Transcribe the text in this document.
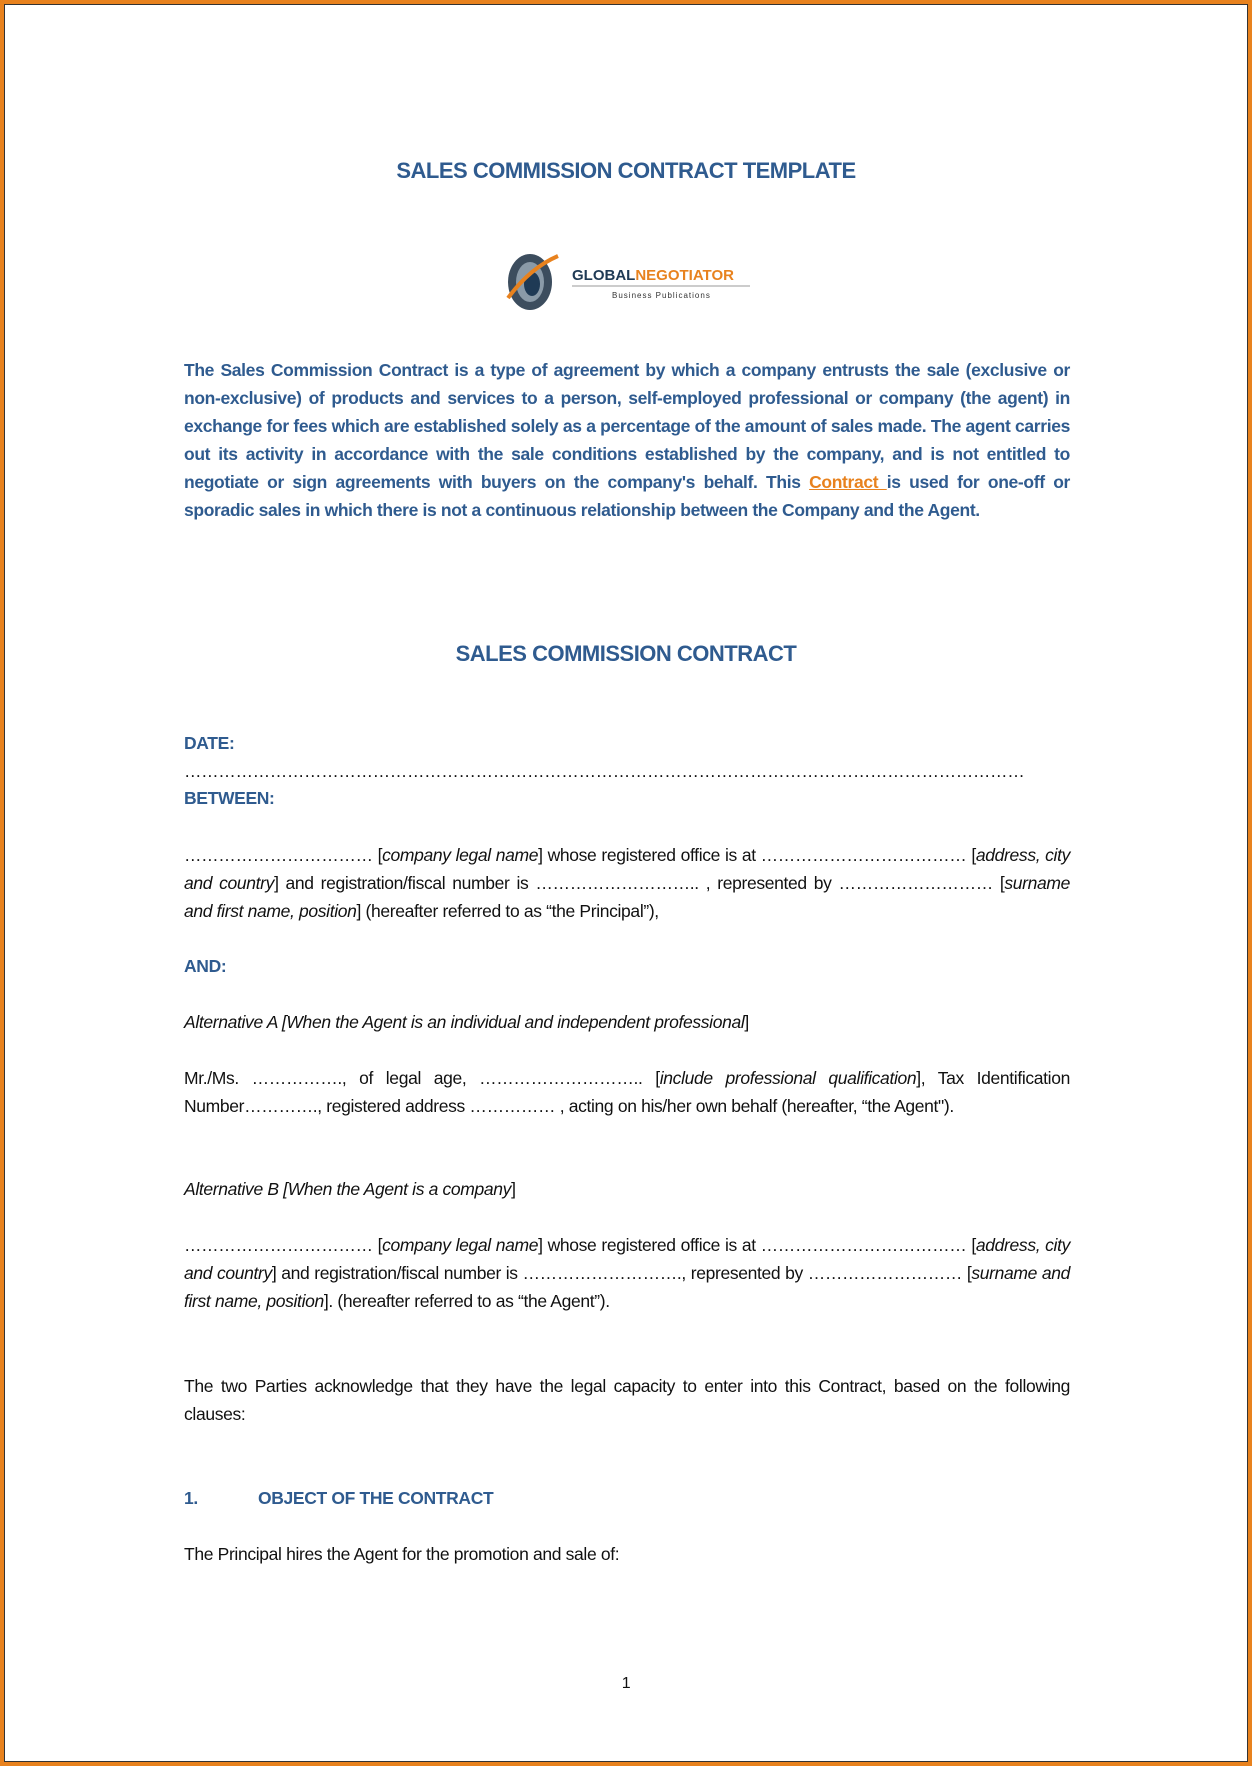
SALES COMMISSION CONTRACT TEMPLATE
GLOBALNEGOTIATOR
Business Publications
The Sales Commission Contract is a type of agreement by which a company entrusts the sale (exclusive or non-exclusive) of products and services to a person, self-employed professional or company (the agent) in exchange for fees which are established solely as a percentage of the amount of sales made. The agent carries out its activity in accordance with the sale conditions established by the company, and is not entitled to negotiate or sign agreements with buyers on the company's behalf. This Contract is used for one-off or sporadic sales in which there is not a continuous relationship between the Company and the Agent.
SALES COMMISSION CONTRACT
DATE: …………………………………………………………………………………………………………………………………
BETWEEN:
…………………………… [company legal name] whose registered office is at ……………………………… [address, city and country] and registration/fiscal number is ……………………….. , represented by ……………………… [surname and first name, position] (hereafter referred to as “the Principal”),
AND:
Alternative A [When the Agent is an individual and independent professional]
Mr./Ms. ……………., of legal age, ……………………….. [include professional qualification], Tax Identification Number…………., registered address …………… , acting on his/her own behalf (hereafter, “the Agent").
Alternative B [When the Agent is a company]
…………………………… [company legal name] whose registered office is at ……………………………… [address, city and country] and registration/fiscal number is ………………………., represented by ……………………… [surname and first name, position]. (hereafter referred to as “the Agent”).
The two Parties acknowledge that they have the legal capacity to enter into this Contract, based on the following clauses:
1.	OBJECT OF THE CONTRACT
The Principal hires the Agent for the promotion and sale of:
1
